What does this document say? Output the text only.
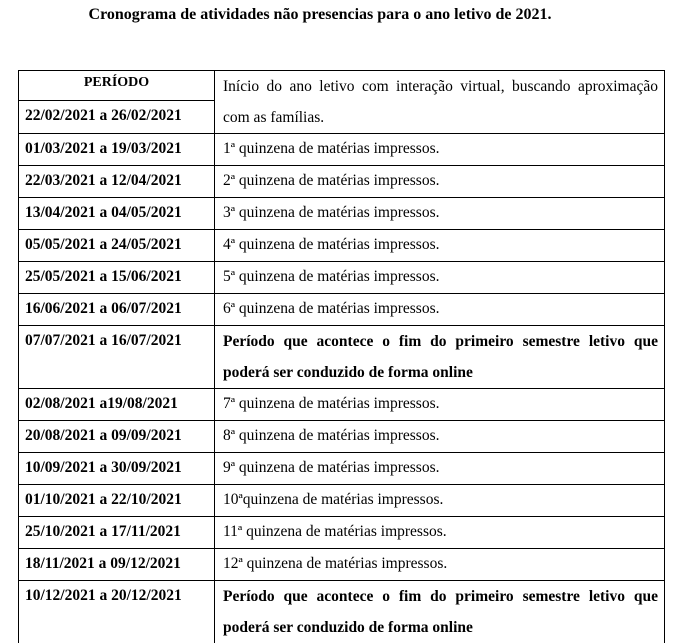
Cronograma de atividades não presencias para o ano letivo de 2021.
PERÍODO	Início do ano letivo com interação virtual, buscando aproximação com as famílias.
22/02/2021 a 26/02/2021	
01/03/2021 a 19/03/2021	1ª quinzena de matérias impressos.
22/03/2021 a 12/04/2021	2ª quinzena de matérias impressos.
13/04/2021 a 04/05/2021	3ª quinzena de matérias impressos.
05/05/2021 a 24/05/2021	4ª quinzena de matérias impressos.
25/05/2021 a 15/06/2021	5ª quinzena de matérias impressos.
16/06/2021 a 06/07/2021	6ª quinzena de matérias impressos.
07/07/2021 a 16/07/2021	Período que acontece o fim do primeiro semestre letivo que poderá ser conduzido de forma online
02/08/2021 a19/08/2021	7ª quinzena de matérias impressos.
20/08/2021 a 09/09/2021	8ª quinzena de matérias impressos.
10/09/2021 a 30/09/2021	9ª quinzena de matérias impressos.
01/10/2021 a 22/10/2021	10ªquinzena de matérias impressos.
25/10/2021 a 17/11/2021	11ª quinzena de matérias impressos.
18/11/2021 a 09/12/2021	12ª quinzena de matérias impressos.
10/12/2021 a 20/12/2021	Período que acontece o fim do primeiro semestre letivo que poderá ser conduzido de forma online
